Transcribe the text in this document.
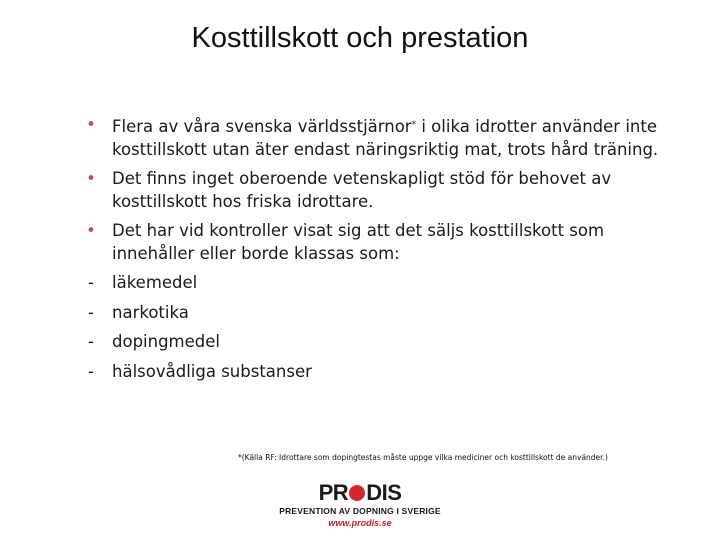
Kosttillskott och prestation
• Flera av våra svenska världsstjärnor* i olika idrotter använder inte kosttillskott utan äter endast näringsriktig mat, trots hård träning.
• Det finns inget oberoende vetenskapligt stöd för behovet av kosttillskott hos friska idrottare.
• Det har vid kontroller visat sig att det säljs kosttillskott som innehåller eller borde klassas som:
- läkemedel
- narkotika
- dopingmedel
- hälsovådliga substanser
*(Källa RF: Idrottare som dopingtestas måste uppge vilka mediciner och kosttillskott de använder.)
PR DIS
PREVENTION AV DOPNING I SVERIGE
www.prodis.se
